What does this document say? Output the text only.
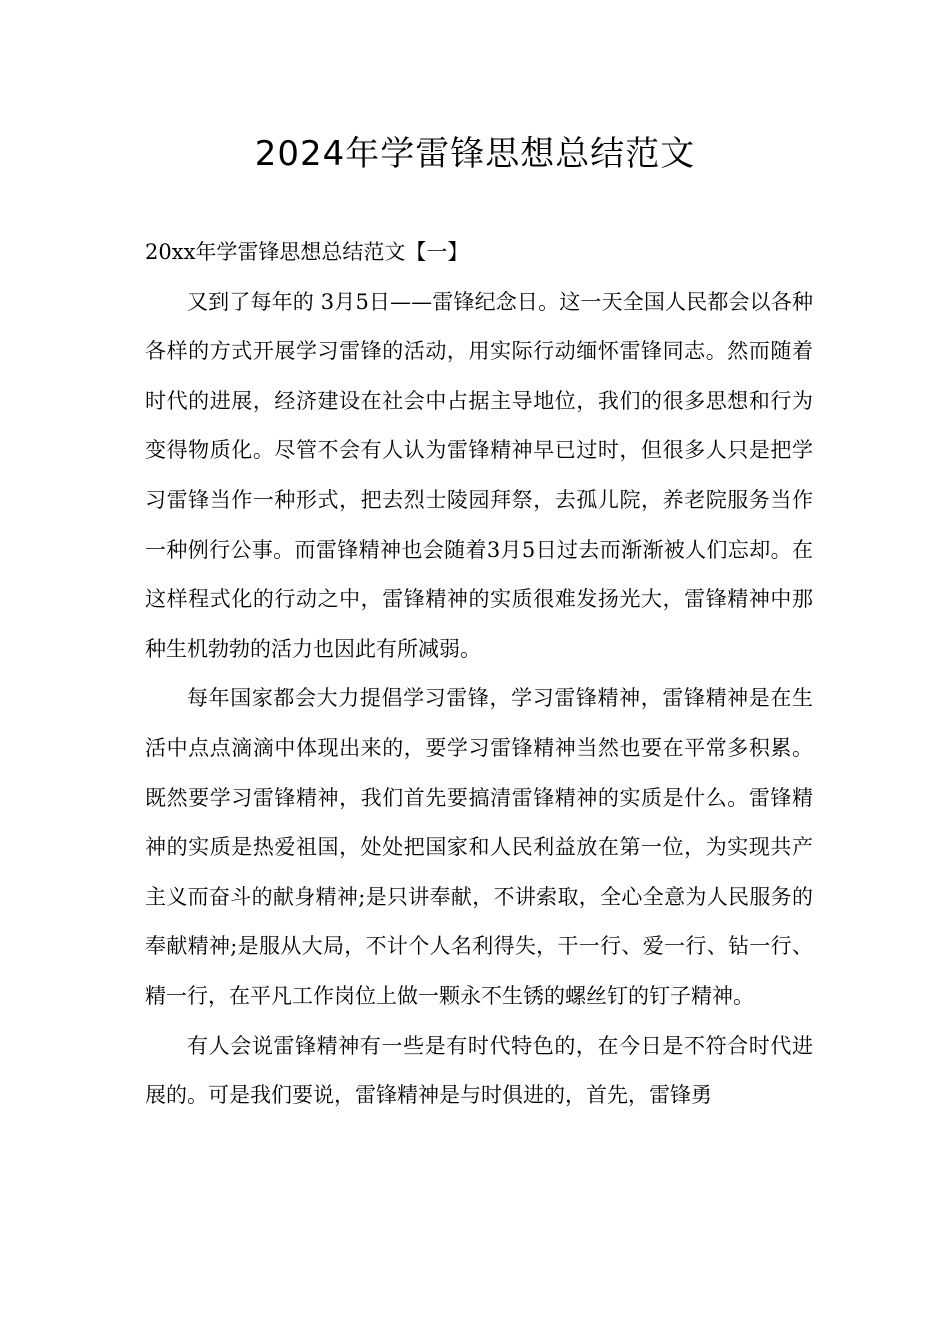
2024年学雷锋思想总结范文

20xx年学雷锋思想总结范文【一】

又到了每年的 3月5日——雷锋纪念日。这一天全国人民都会以各种各样的方式开展学习雷锋的活动，用实际行动缅怀雷锋同志。然而随着时代的进展，经济建设在社会中占据主导地位，我们的很多思想和行为变得物质化。尽管不会有人认为雷锋精神早已过时，但很多人只是把学习雷锋当作一种形式，把去烈士陵园拜祭，去孤儿院，养老院服务当作一种例行公事。而雷锋精神也会随着3月5日过去而渐渐被人们忘却。在这样程式化的行动之中，雷锋精神的实质很难发扬光大，雷锋精神中那种生机勃勃的活力也因此有所减弱。

每年国家都会大力提倡学习雷锋，学习雷锋精神，雷锋精神是在生活中点点滴滴中体现出来的，要学习雷锋精神当然也要在平常多积累。既然要学习雷锋精神，我们首先要搞清雷锋精神的实质是什么。雷锋精神的实质是热爱祖国，处处把国家和人民利益放在第一位，为实现共产主义而奋斗的献身精神;是只讲奉献，不讲索取，全心全意为人民服务的奉献精神;是服从大局，不计个人名利得失，干一行、爱一行、钻一行、精一行，在平凡工作岗位上做一颗永不生锈的螺丝钉的钉子精神。

有人会说雷锋精神有一些是有时代特色的，在今日是不符合时代进展的。可是我们要说，雷锋精神是与时俱进的，首先，雷锋勇
